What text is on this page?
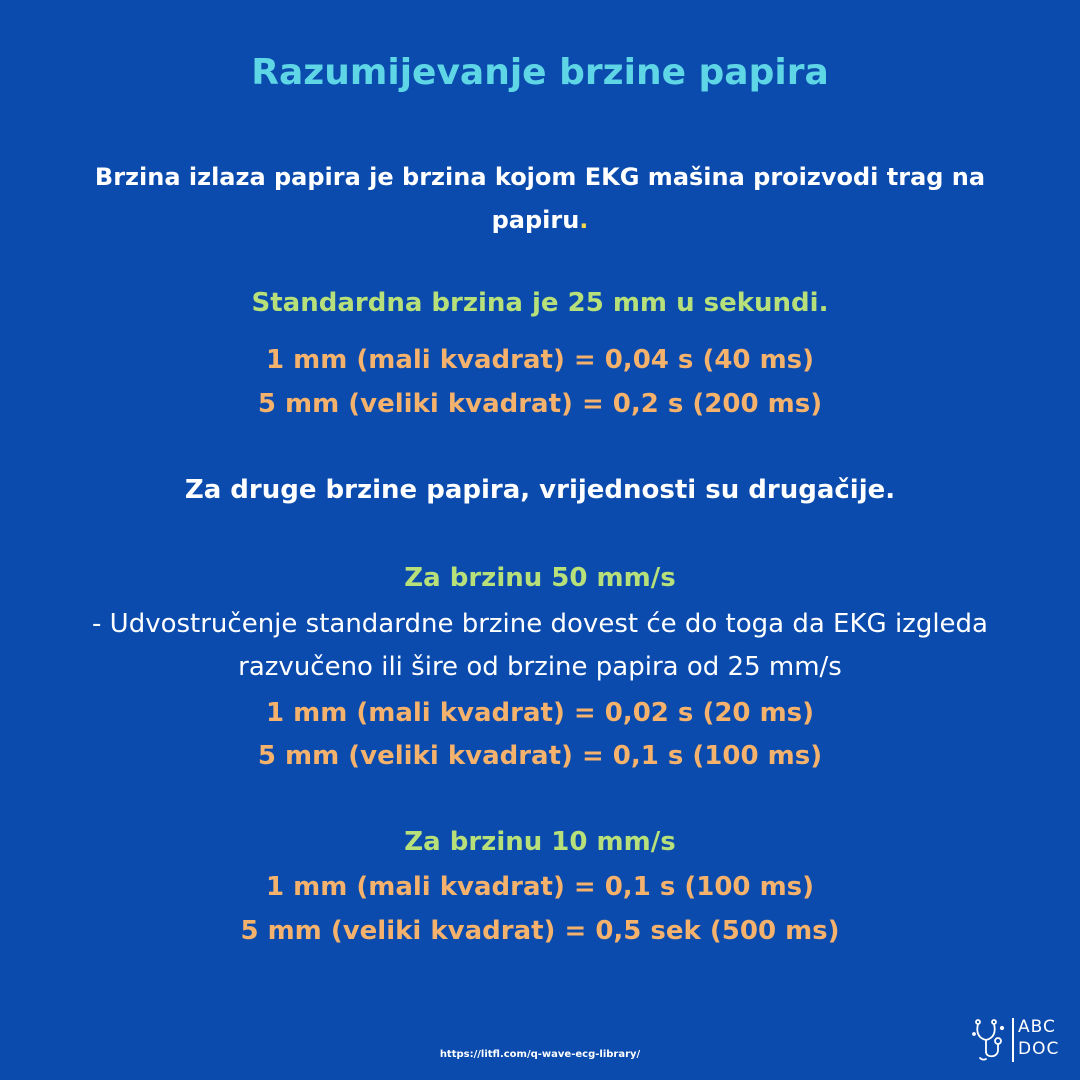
Razumijevanje brzine papira
Brzina izlaza papira je brzina kojom EKG mašina proizvodi trag na
papiru.
Standardna brzina je 25 mm u sekundi.
1 mm (mali kvadrat) = 0,04 s (40 ms)
5 mm (veliki kvadrat) = 0,2 s (200 ms)
Za druge brzine papira, vrijednosti su drugačije.
Za brzinu 50 mm/s
- Udvostručenje standardne brzine dovest će do toga da EKG izgleda
razvučeno ili šire od brzine papira od 25 mm/s
1 mm (mali kvadrat) = 0,02 s (20 ms)
5 mm (veliki kvadrat) = 0,1 s (100 ms)
Za brzinu 10 mm/s
1 mm (mali kvadrat) = 0,1 s (100 ms)
5 mm (veliki kvadrat) = 0,5 sek (500 ms)
https://litfl.com/q-wave-ecg-library/
ABC
DOC
